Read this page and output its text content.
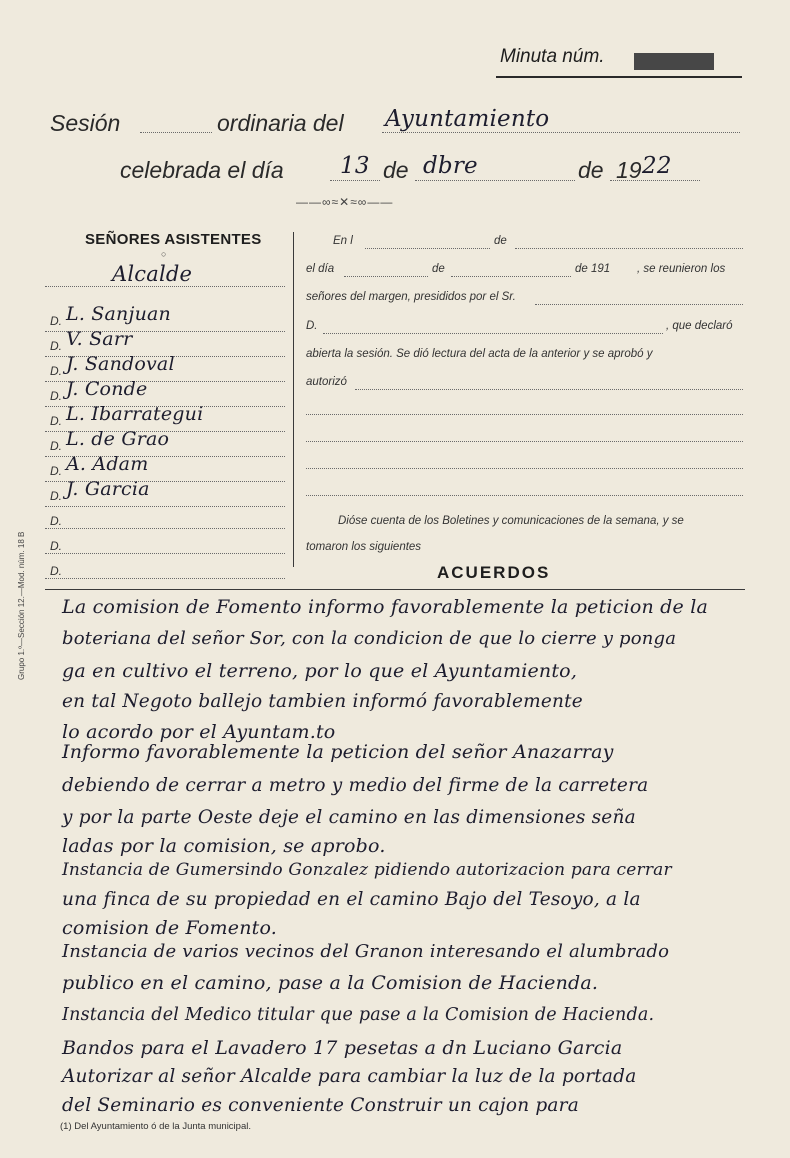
Minuta núm.
Sesión	ordinaria del Ayuntamiento
celebrada el día 13 de dbre	de 19 22
——∞≈✕≈∞——
SEÑORES ASISTENTES
○
Alcalde
D. L. Sanjuan
D. V. Sarr
D. J. Sandoval
D. J. Conde
D. L. Ibarrategui
D. L. de Grao
D. A. Adam
D. J. Garcia
D.
D.
D.
En l	de
el día	de	de 191 , se reunieron los
señores del margen, presididos por el Sr.
D.	, que declaró
abierta la sesión. Se dió lectura del acta de la anterior y se aprobó y
autorizó
Dióse cuenta de los Boletines y comunicaciones de la semana, y se
tomaron los siguientes
ACUERDOS
La comision de Fomento informo favorablemente la peticion de la
boteriana del señor Sor, con la condicion de que lo cierre y ponga
ga en cultivo el terreno, por lo que el Ayuntamiento,
en tal Negoto ballejo tambien informó favorablemente
lo acordo por el Ayuntam.to
Informo favorablemente la peticion del señor Anazarray
debiendo de cerrar a metro y medio del firme de la carretera
y por la parte Oeste deje el camino en las dimensiones seña
ladas por la comision, se aprobo.
Instancia de Gumersindo Gonzalez pidiendo autorizacion para cerrar
una finca de su propiedad en el camino Bajo del Tesoyo, a la
comision de Fomento.
Instancia de varios vecinos del Granon interesando el alumbrado
publico en el camino, pase a la Comision de Hacienda.
Instancia del Medico titular que pase a la Comision de Hacienda.
Bandos para el Lavadero 17 pesetas a dn Luciano Garcia
Autorizar al señor Alcalde para cambiar la luz de la portada
del Seminario es conveniente Construir un cajon para
Grupo 1.º—Sección 12.—Mod. núm. 18 B
(1) Del Ayuntamiento ó de la Junta municipal.
